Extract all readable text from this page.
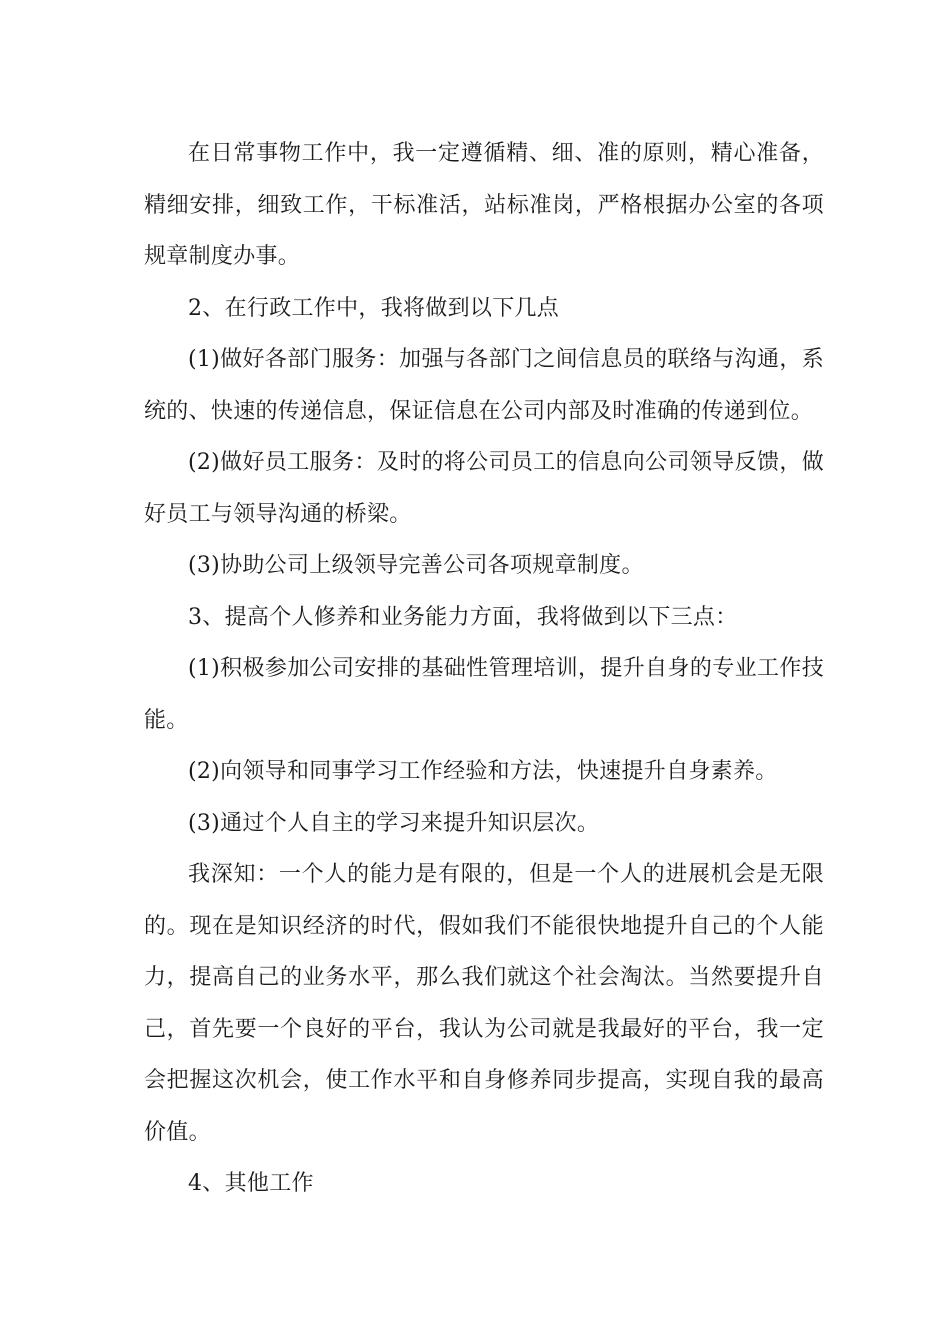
在日常事物工作中，我一定遵循精、细、准的原则，精心准备，精细安排，细致工作，干标准活，站标准岗，严格根据办公室的各项规章制度办事。

2、在行政工作中，我将做到以下几点

(1)做好各部门服务：加强与各部门之间信息员的联络与沟通，系统的、快速的传递信息，保证信息在公司内部及时准确的传递到位。

(2)做好员工服务：及时的将公司员工的信息向公司领导反馈，做好员工与领导沟通的桥梁。

(3)协助公司上级领导完善公司各项规章制度。

3、提高个人修养和业务能力方面，我将做到以下三点：

(1)积极参加公司安排的基础性管理培训，提升自身的专业工作技能。

(2)向领导和同事学习工作经验和方法，快速提升自身素养。

(3)通过个人自主的学习来提升知识层次。

我深知：一个人的能力是有限的，但是一个人的进展机会是无限的。现在是知识经济的时代，假如我们不能很快地提升自己的个人能力，提高自己的业务水平，那么我们就这个社会淘汰。当然要提升自己，首先要一个良好的平台，我认为公司就是我最好的平台，我一定会把握这次机会，使工作水平和自身修养同步提高，实现自我的最高价值。

4、其他工作
